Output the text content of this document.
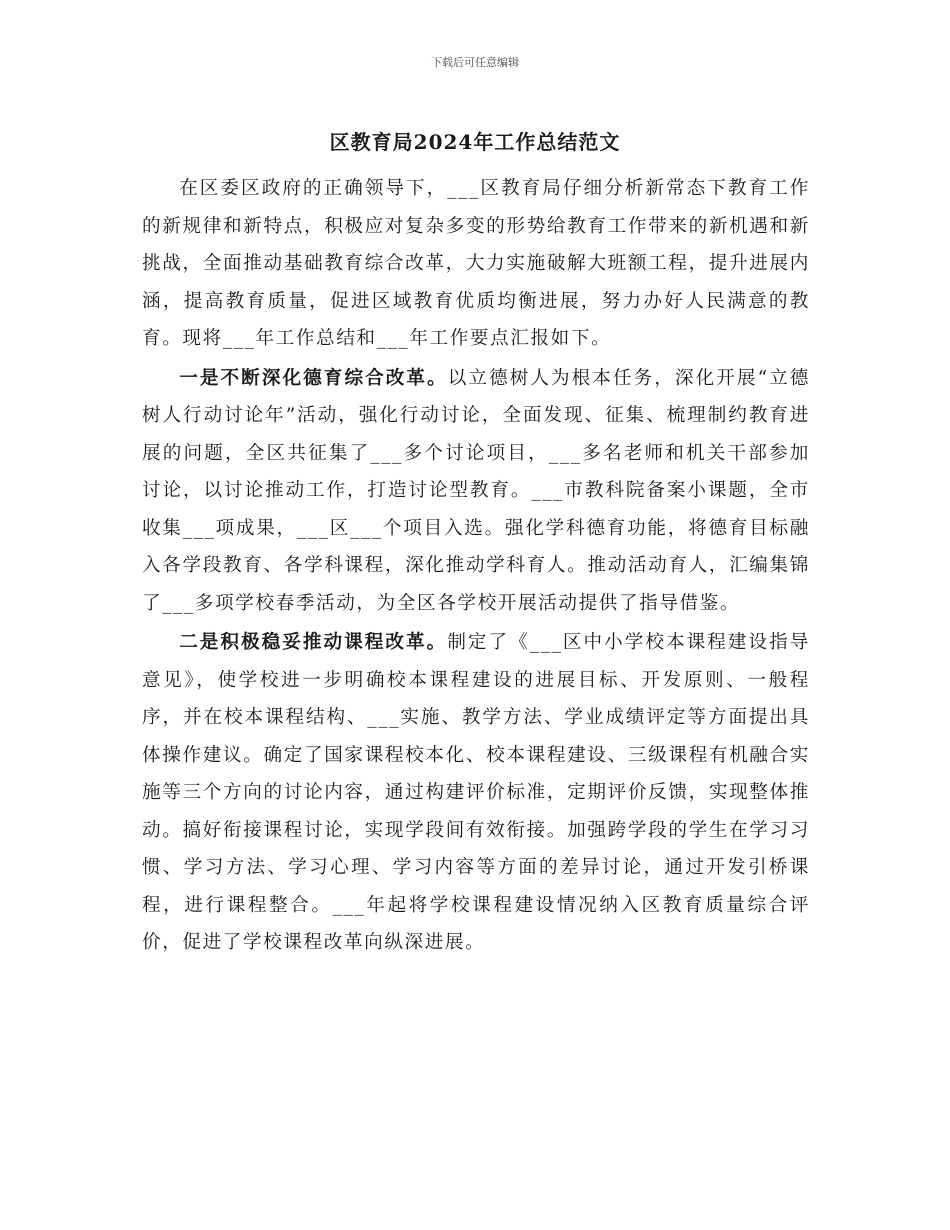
下载后可任意编辑
区教育局2024年工作总结范文

在区委区政府的正确领导下，___区教育局仔细分析新常态下教育工作的新规律和新特点，积极应对复杂多变的形势给教育工作带来的新机遇和新挑战，全面推动基础教育综合改革，大力实施破解大班额工程，提升进展内涵，提高教育质量，促进区域教育优质均衡进展，努力办好人民满意的教育。现将___年工作总结和___年工作要点汇报如下。

一是不断深化德育综合改革。以立德树人为根本任务，深化开展“立德树人行动讨论年”活动，强化行动讨论，全面发现、征集、梳理制约教育进展的问题，全区共征集了___多个讨论项目，___多名老师和机关干部参加讨论，以讨论推动工作，打造讨论型教育。___市教科院备案小课题，全市收集___项成果，___区___个项目入选。强化学科德育功能，将德育目标融入各学段教育、各学科课程，深化推动学科育人。推动活动育人，汇编集锦了___多项学校春季活动，为全区各学校开展活动提供了指导借鉴。

二是积极稳妥推动课程改革。制定了《___区中小学校本课程建设指导意见》，使学校进一步明确校本课程建设的进展目标、开发原则、一般程序，并在校本课程结构、___实施、教学方法、学业成绩评定等方面提出具体操作建议。确定了国家课程校本化、校本课程建设、三级课程有机融合实施等三个方向的讨论内容，通过构建评价标准，定期评价反馈，实现整体推动。搞好衔接课程讨论，实现学段间有效衔接。加强跨学段的学生在学习习惯、学习方法、学习心理、学习内容等方面的差异讨论，通过开发引桥课程，进行课程整合。___年起将学校课程建设情况纳入区教育质量综合评价，促进了学校课程改革向纵深进展。
